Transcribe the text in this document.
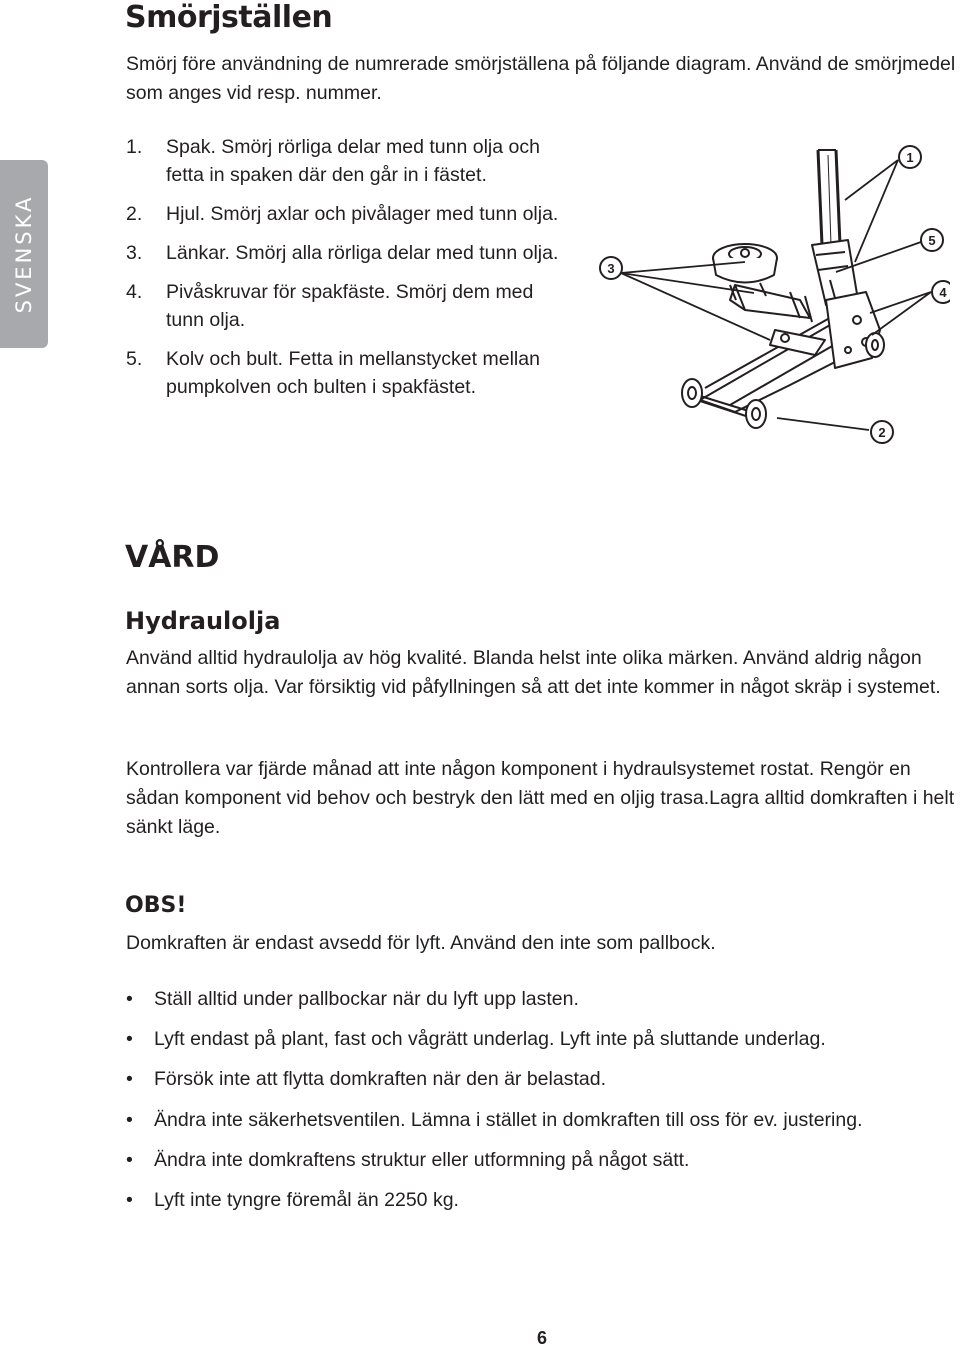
SVENSKA
Smörjställen

Smörj före användning de numrerade smörjställena på följande diagram. Använd de smörjmedel som anges vid resp. nummer.

1.	Spak. Smörj rörliga delar med tunn olja och fetta in spaken där den går in i fästet.
2.	Hjul. Smörj axlar och pivålager med tunn olja.
3.	Länkar. Smörj alla rörliga delar med tunn olja.
4.	Pivåskruvar för spakfäste. Smörj dem med tunn olja.
5.	Kolv och bult. Fetta in mellanstycket mellan pumpkolven och bulten i spakfästet.
3
1
5
4
2
VÅRD
Hydraulolja

Använd alltid hydraulolja av hög kvalité. Blanda helst inte olika märken. Använd aldrig någon annan sorts olja. Var försiktig vid påfyllningen så att det inte kommer in något skräp i systemet.

Kontrollera var fjärde månad att inte någon komponent i hydraulsystemet rostat. Rengör en sådan komponent vid behov och bestryk den lätt med en oljig trasa.Lagra alltid domkraften i helt sänkt läge.

OBS!

Domkraften är endast avsedd för lyft. Använd den inte som pallbock.

•	Ställ alltid under pallbockar när du lyft upp lasten.
•	Lyft endast på plant, fast och vågrätt underlag. Lyft inte på sluttande underlag.
•	Försök inte att flytta domkraften när den är belastad.
•	Ändra inte säkerhetsventilen. Lämna i stället in domkraften till oss för ev. justering.
•	Ändra inte domkraftens struktur eller utformning på något sätt.
•	Lyft inte tyngre föremål än 2250 kg.
6
